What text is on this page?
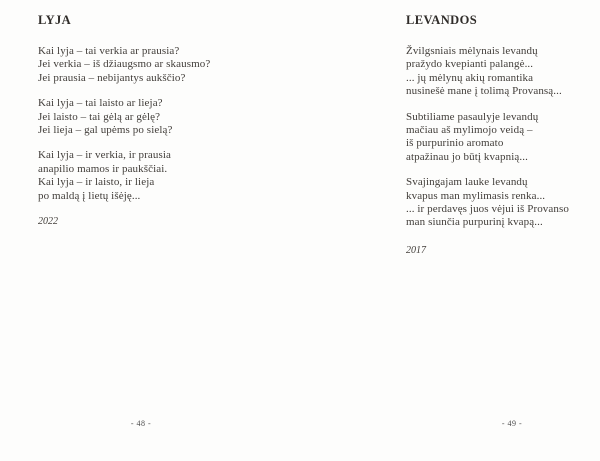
LYJA
Kai lyja – tai verkia ar prausia?
Jei verkia – iš džiaugsmo ar skausmo?
Jei prausia – nebijantys aukščio?
Kai lyja – tai laisto ar lieja?
Jei laisto – tai gėlą ar gėlę?
Jei lieja – gal upėms po sielą?
Kai lyja – ir verkia, ir prausia
anapilio mamos ir paukščiai.
Kai lyja – ir laisto, ir lieja
po maldą į lietų išėję...
2022
LEVANDOS
Žvilgsniais mėlynais levandų
pražydo kvepianti palangė...
... jų mėlynų akių romantika
nusinešė mane į tolimą Provansą...
Subtiliame pasaulyje levandų
mačiau aš mylimojo veidą –
iš purpurinio aromato
atpažinau jo būtį kvapnią...
Svajingajam lauke levandų
kvapus man mylimasis renka...
... ir perdavęs juos vėjui iš Provanso
man siunčia purpurinį kvapą...
2017
- 48 -	- 49 -
